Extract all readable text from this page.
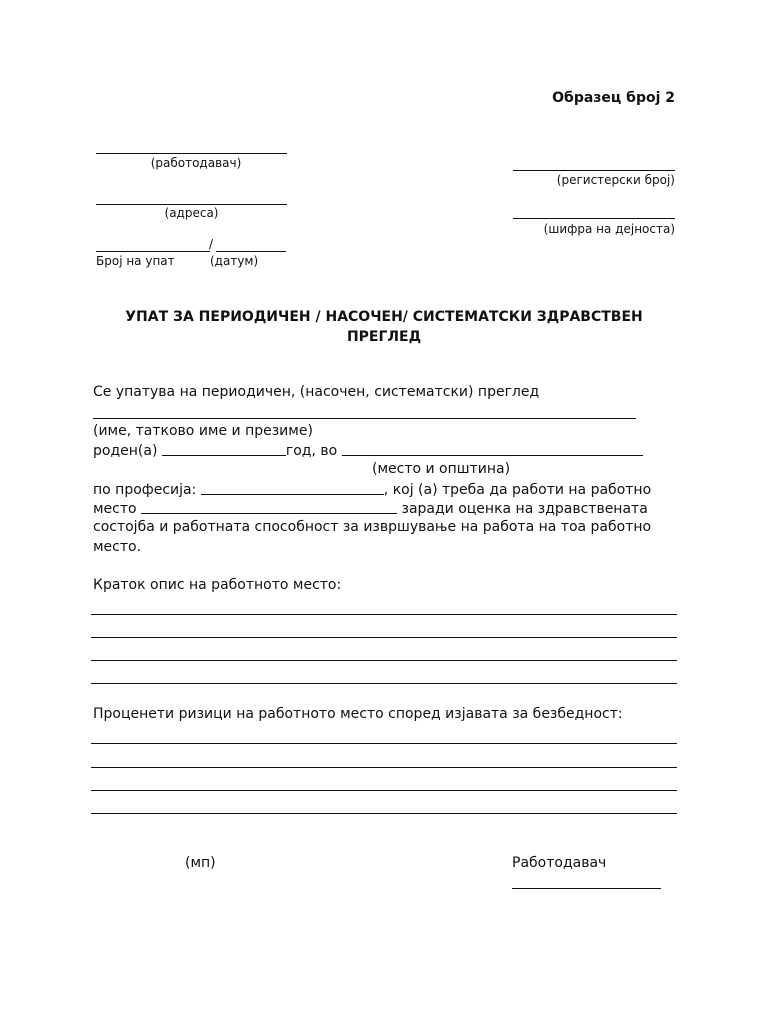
Образец број 2
(работодавач)
(регистерски број)
(адреса)
(шифра на дејноста)
/
Број на упат	(датум)
УПАТ ЗА ПЕРИОДИЧЕН / НАСОЧЕН/ СИСТЕМАТСКИ ЗДРАВСТВЕН
ПРЕГЛЕД
Се упатува на периодичен, (насочен, систематски) преглед
(име, татково име и презиме)
роден(а)	год, во
(место и општина)
по професија:	, кој (а) треба да работи на работно
место	заради оценка на здравствената
состојба и работната способност за извршување на работа на тоа работно
место.
Краток опис на работното место:
Проценети ризици на работното место според изјавата за безбедност:
(мп)	Работодавач
